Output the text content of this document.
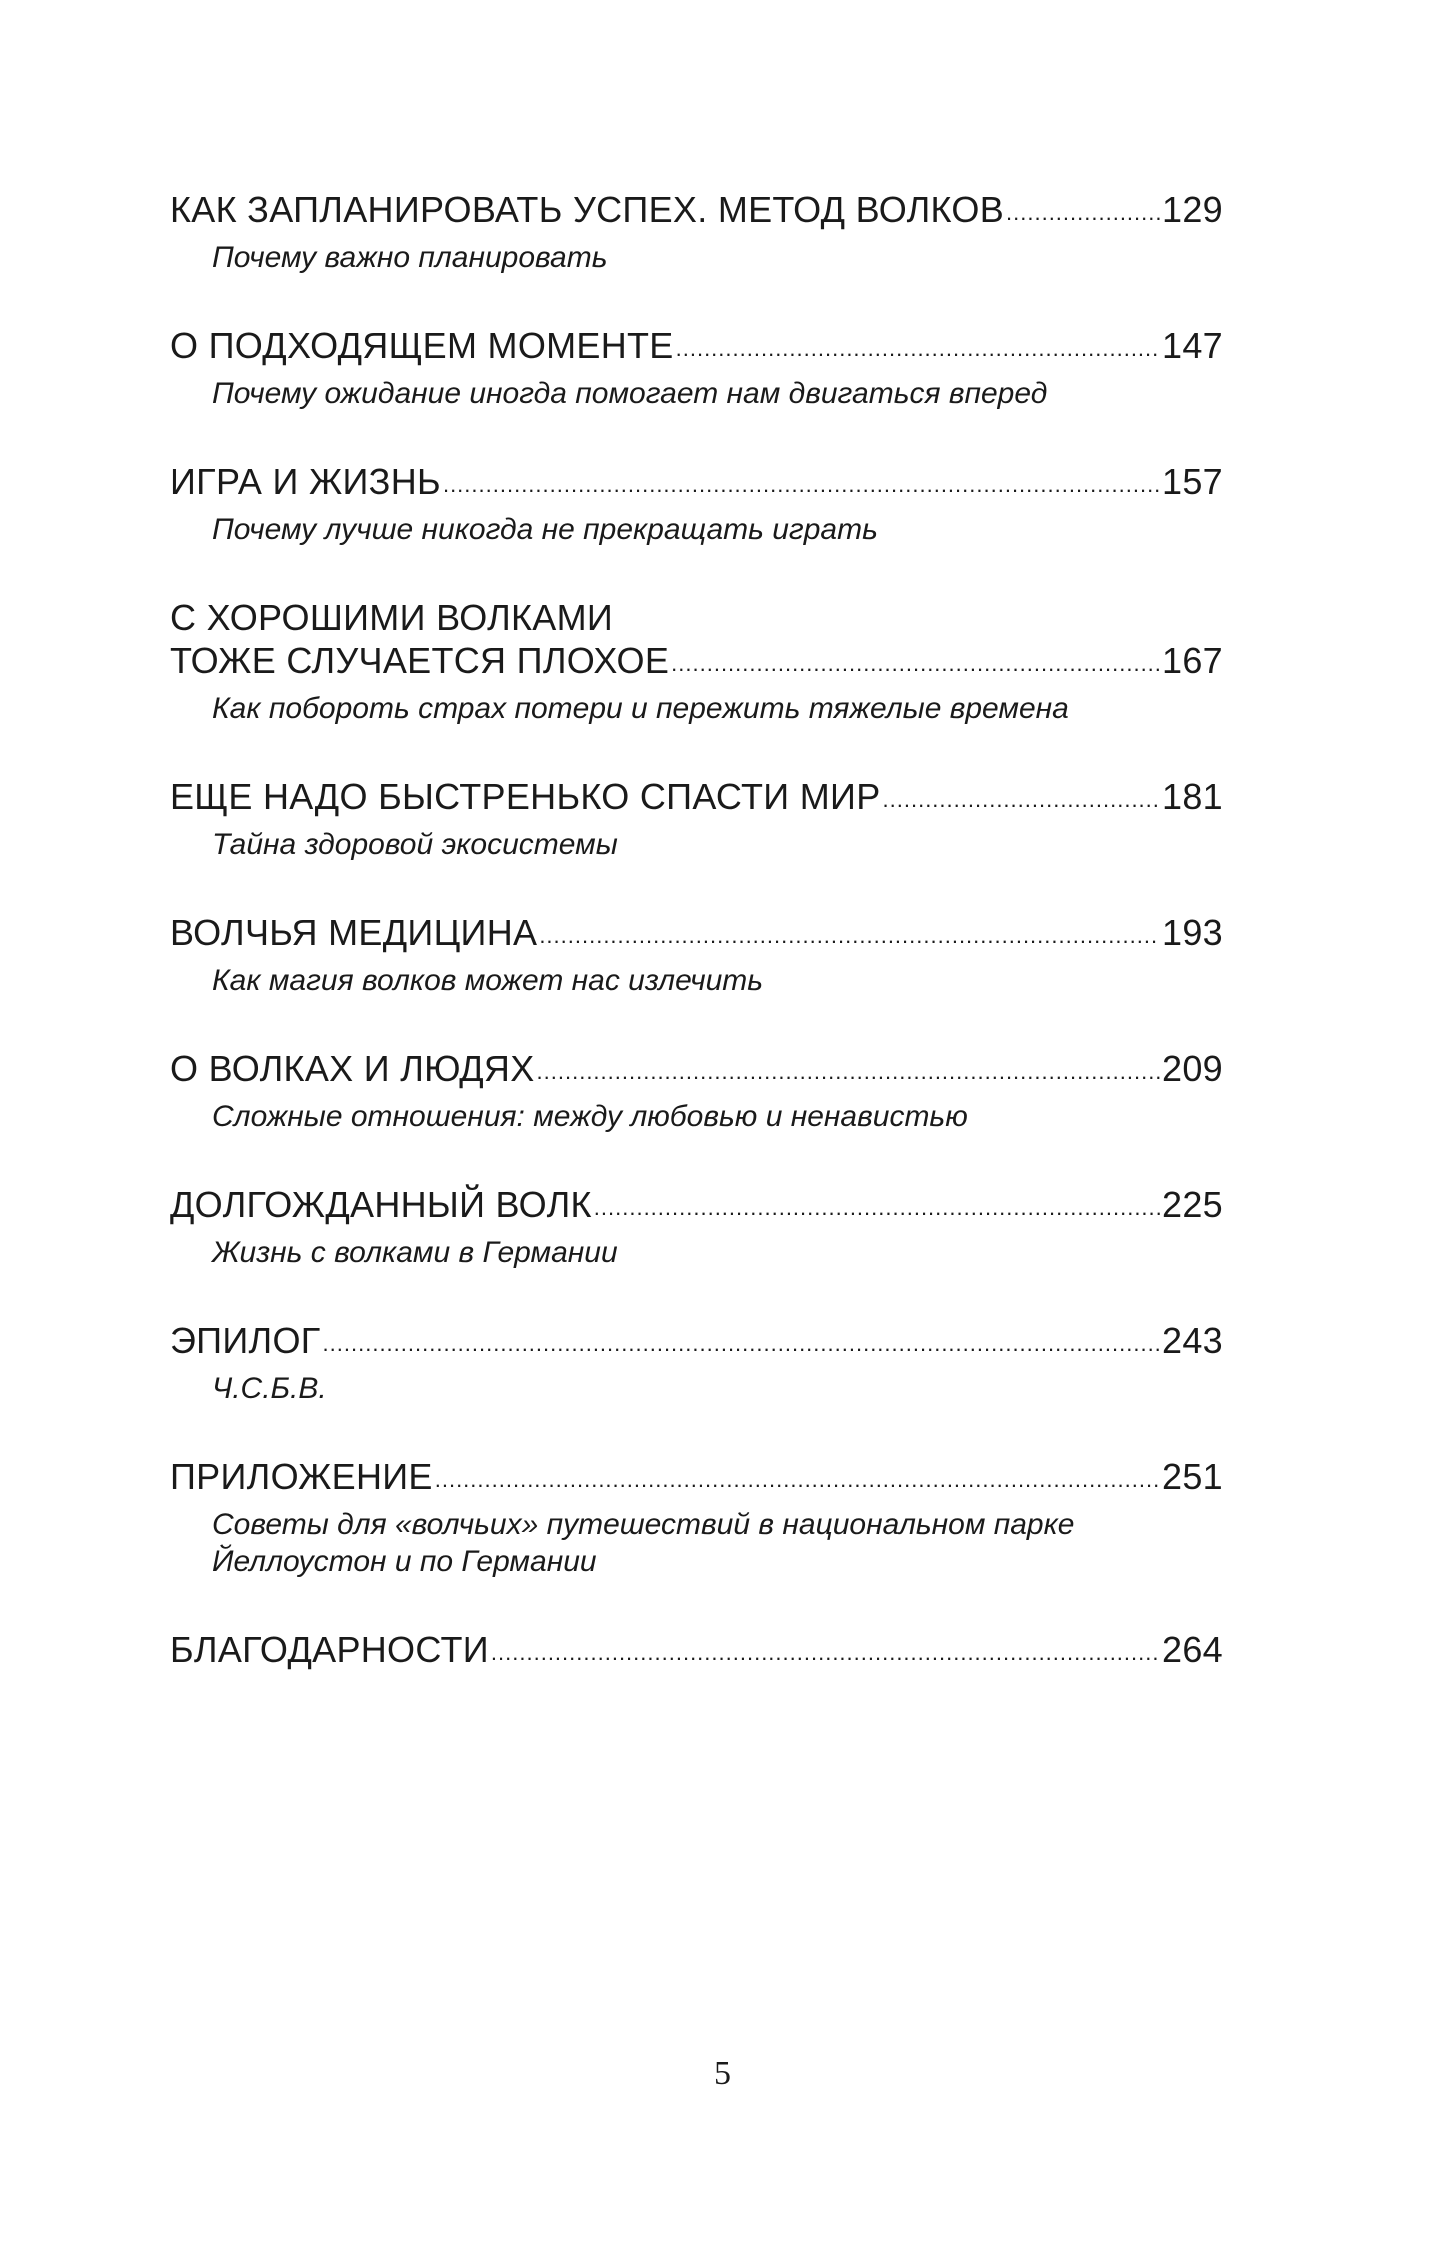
КАК ЗАПЛАНИРОВАТЬ УСПЕХ. МЕТОД ВОЛКОВ .....	129
Почему важно планировать
О ПОДХОДЯЩЕМ МОМЕНТЕ .....	147
Почему ожидание иногда помогает нам двигаться вперед
ИГРА И ЖИЗНЬ .....	157
Почему лучше никогда не прекращать играть
С ХОРОШИМИ ВОЛКАМИ
ТОЖЕ СЛУЧАЕТСЯ ПЛОХОЕ .....	167
Как побороть страх потери и пережить тяжелые времена
ЕЩЕ НАДО БЫСТРЕНЬКО СПАСТИ МИР .....	181
Тайна здоровой экосистемы
ВОЛЧЬЯ МЕДИЦИНА .....	193
Как магия волков может нас излечить
О ВОЛКАХ И ЛЮДЯХ .....	209
Сложные отношения: между любовью и ненавистью
ДОЛГОЖДАННЫЙ ВОЛК .....	225
Жизнь с волками в Германии
ЭПИЛОГ .....	243
Ч.С.Б.В.
ПРИЛОЖЕНИЕ .....	251
Советы для «волчьих» путешествий в национальном парке
Йеллоустон и по Германии
БЛАГОДАРНОСТИ .....	264
5
